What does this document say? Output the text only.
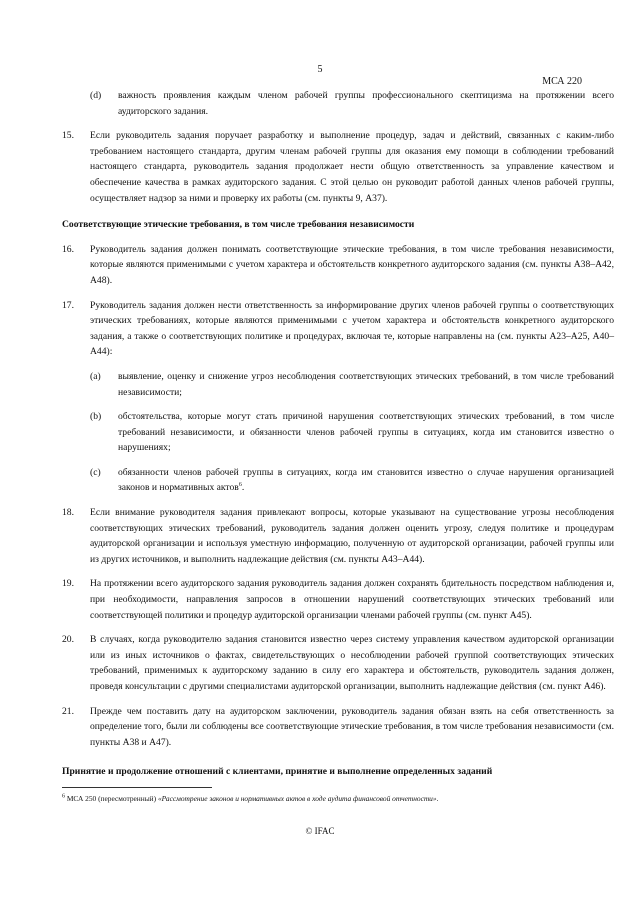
5
МСА 220
(d)	важность проявления каждым членом рабочей группы профессионального скептицизма на протяжении всего аудиторского задания.
15.	Если руководитель задания поручает разработку и выполнение процедур, задач и действий, связанных с каким-либо требованием настоящего стандарта, другим членам рабочей группы для оказания ему помощи в соблюдении требований настоящего стандарта, руководитель задания продолжает нести общую ответственность за управление качеством и обеспечение качества в рамках аудиторского задания. С этой целью он руководит работой данных членов рабочей группы, осуществляет надзор за ними и проверку их работы (см. пункты 9, А37).
Соответствующие этические требования, в том числе требования независимости
16.	Руководитель задания должен понимать соответствующие этические требования, в том числе требования независимости, которые являются применимыми с учетом характера и обстоятельств конкретного аудиторского задания (см. пункты А38–А42, А48).
17.	Руководитель задания должен нести ответственность за информирование других членов рабочей группы о соответствующих этических требованиях, которые являются применимыми с учетом характера и обстоятельств конкретного аудиторского задания, а также о соответствующих политике и процедурах, включая те, которые направлены на (см. пункты А23–А25, А40–А44):
(a)	выявление, оценку и снижение угроз несоблюдения соответствующих этических требований, в том числе требований независимости;
(b)	обстоятельства, которые могут стать причиной нарушения соответствующих этических требований, в том числе требований независимости, и обязанности членов рабочей группы в ситуациях, когда им становится известно о нарушениях;
(c)	обязанности членов рабочей группы в ситуациях, когда им становится известно о случае нарушения организацией законов и нормативных актов$^6$.
18.	Если внимание руководителя задания привлекают вопросы, которые указывают на существование угрозы несоблюдения соответствующих этических требований, руководитель задания должен оценить угрозу, следуя политике и процедурам аудиторской организации и используя уместную информацию, полученную от аудиторской организации, рабочей группы или из других источников, и выполнить надлежащие действия (см. пункты А43–А44).
19.	На протяжении всего аудиторского задания руководитель задания должен сохранять бдительность посредством наблюдения и, при необходимости, направления запросов в отношении нарушений соответствующих этических требований или соответствующей политики и процедур аудиторской организации членами рабочей группы (см. пункт А45).
20.	В случаях, когда руководителю задания становится известно через систему управления качеством аудиторской организации или из иных источников о фактах, свидетельствующих о несоблюдении рабочей группой соответствующих этических требований, применимых к аудиторскому заданию в силу его характера и обстоятельств, руководитель задания должен, проведя консультации с другими специалистами аудиторской организации, выполнить надлежащие действия (см. пункт А46).
21.	Прежде чем поставить дату на аудиторском заключении, руководитель задания обязан взять на себя ответственность за определение того, были ли соблюдены все соответствующие этические требования, в том числе требования независимости (см. пункты А38 и А47).
Принятие и продолжение отношений с клиентами, принятие и выполнение определенных заданий
$^6$ МСА 250 (пересмотренный) «Рассмотрение законов и нормативных актов в ходе аудита финансовой отчетности».
© IFAC
